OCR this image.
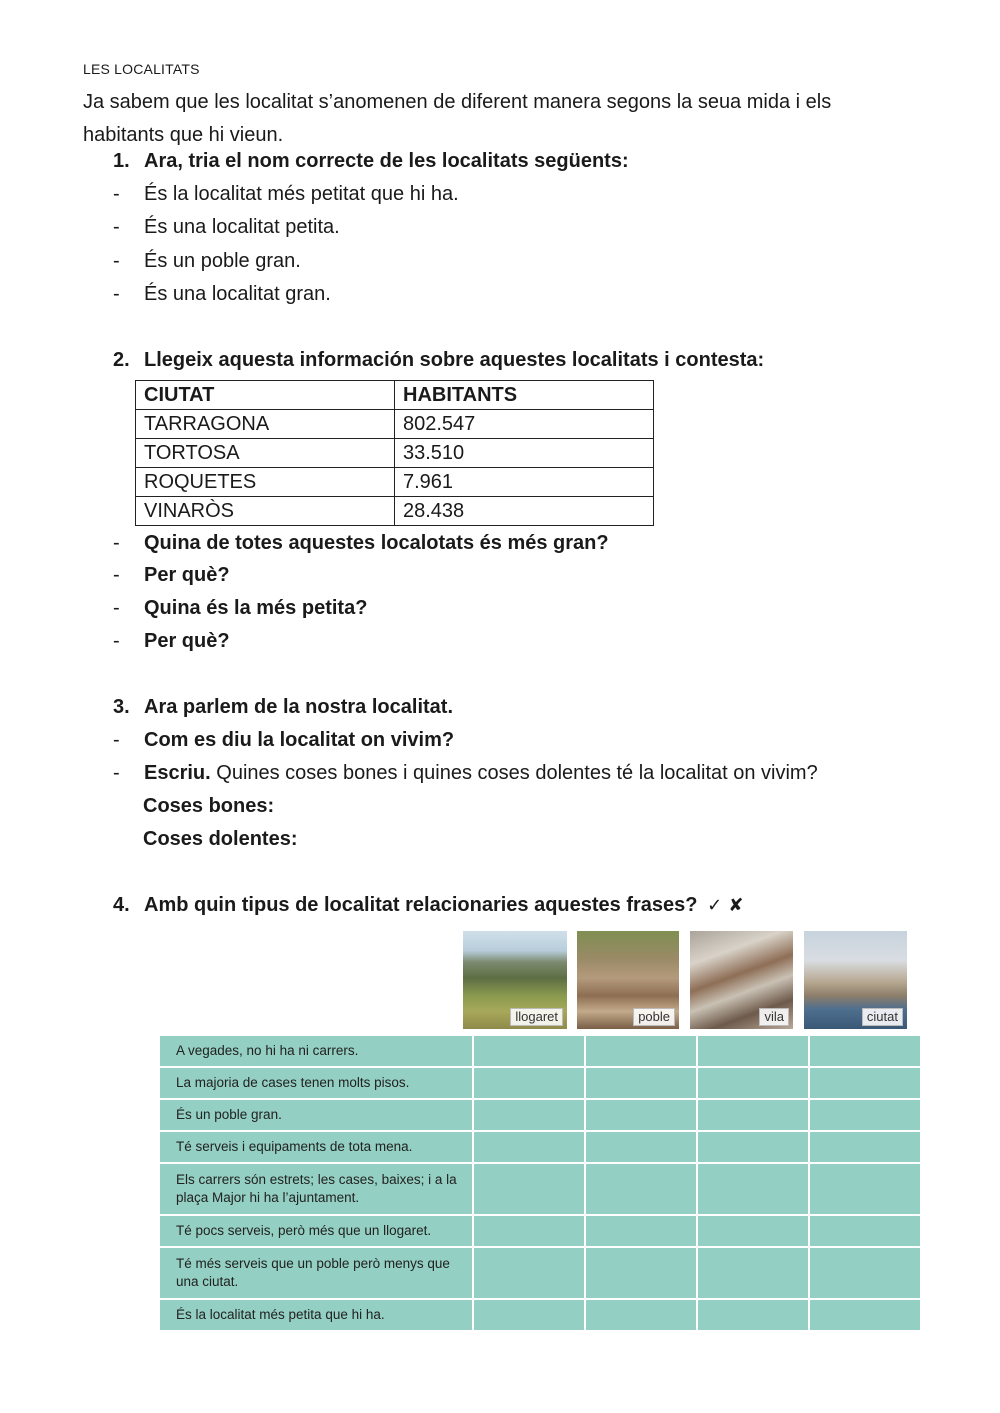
LES LOCALITATS
Ja sabem que les localitat s’anomenen de diferent manera segons la seua mida i els habitants que hi vieun.
1. Ara, tria el nom correcte de les localitats següents:
- És la localitat més petitat que hi ha.
- És una localitat petita.
- És un poble gran.
- És una localitat gran.
2. Llegeix aquesta información sobre aquestes localitats i contesta:
CIUTAT	HABITANTS
TARRAGONA	802.547
TORTOSA	33.510
ROQUETES	7.961
VINARÒS	28.438
- Quina de totes aquestes localotats és més gran?
- Per què?
- Quina és la més petita?
- Per què?
3. Ara parlem de la nostra localitat.
- Com es diu la localitat on vivim?
- Escriu. Quines coses bones i quines coses dolentes té la localitat on vivim?
Coses bones:
Coses dolentes:
4. Amb quin tipus de localitat relacionaries aquestes frases? ✓ ✘
llogaret	poble	vila	ciutat
A vegades, no hi ha ni carrers.				
La majoria de cases tenen molts pisos.				
És un poble gran.				
Té serveis i equipaments de tota mena.				
Els carrers són estrets; les cases, baixes; i a la plaça Major hi ha l’ajuntament.				
Té pocs serveis, però més que un llogaret.				
Té més serveis que un poble però menys que una ciutat.				
És la localitat més petita que hi ha.				
